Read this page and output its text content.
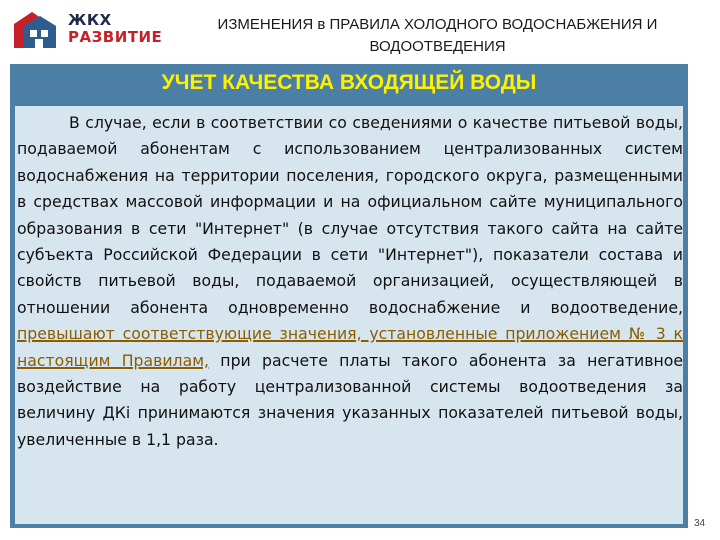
ЖКХ
РАЗВИТИЕ
ИЗМЕНЕНИЯ в ПРАВИЛА ХОЛОДНОГО ВОДОСНАБЖЕНИЯ И
ВОДООТВЕДЕНИЯ
УЧЕТ КАЧЕСТВА ВХОДЯЩЕЙ ВОДЫ

В случае, если в соответствии со сведениями о качестве питьевой воды, подаваемой абонентам с использованием централизованных систем водоснабжения на территории поселения, городского округа, размещенными в средствах массовой информации и на официальном сайте муниципального образования в сети "Интернет" (в случае отсутствия такого сайта на сайте субъекта Российской Федерации в сети "Интернет"), показатели состава и свойств питьевой воды, подаваемой организацией, осуществляющей в отношении абонента одновременно водоснабжение и водоотведение, превышают соответствующие значения, установленные приложением № 3 к настоящим Правилам, при расчете платы такого абонента за негативное воздействие на работу централизованной системы водоотведения за величину ДКi принимаются значения указанных показателей питьевой воды, увеличенные в 1,1 раза.

34
